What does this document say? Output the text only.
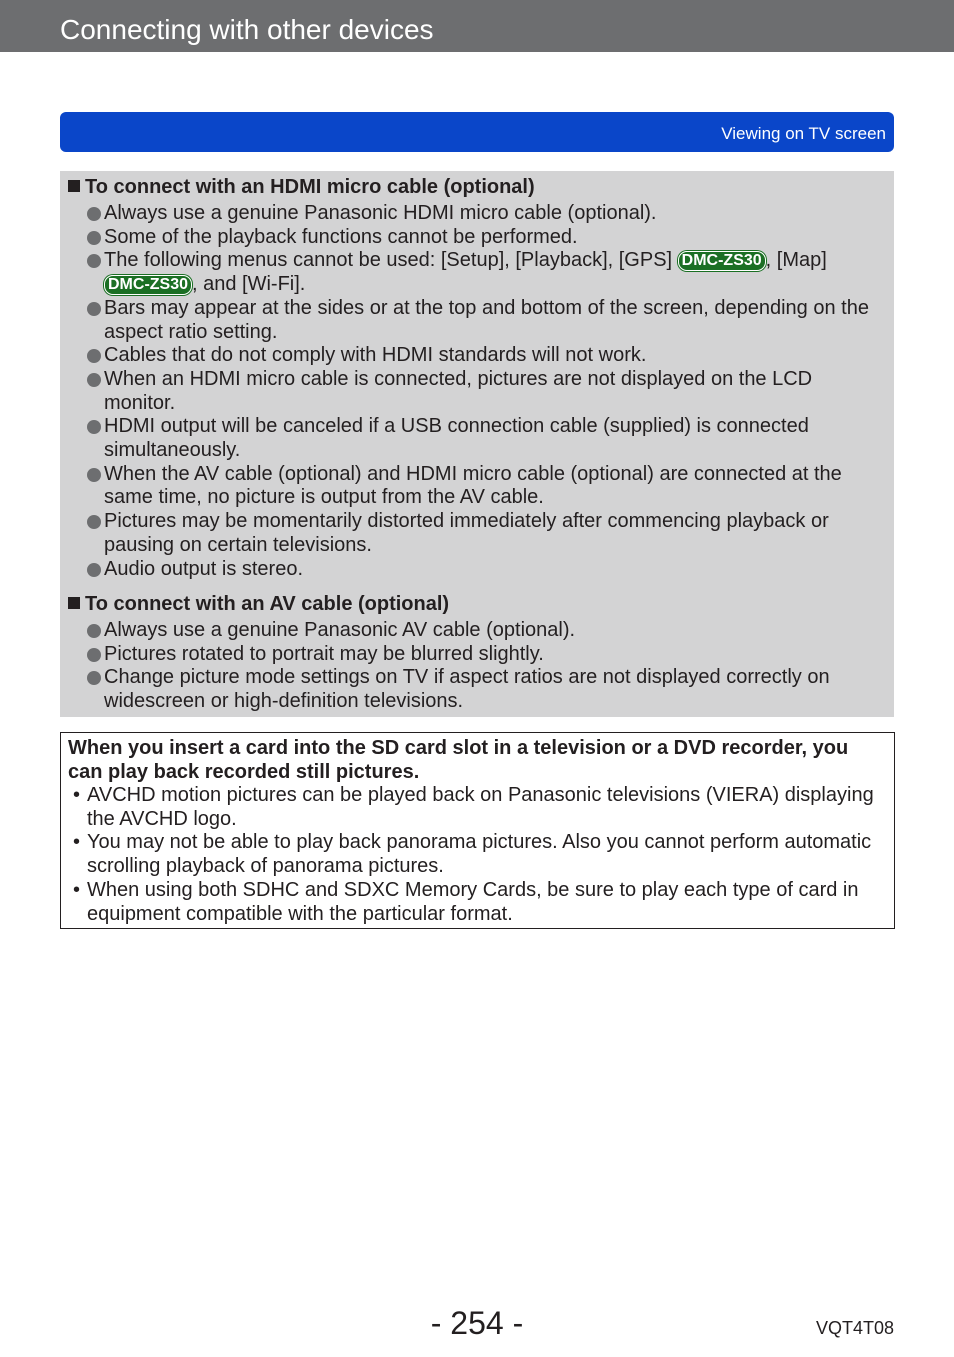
Connecting with other devices
Viewing on TV screen
To connect with an HDMI micro cable (optional)
Always use a genuine Panasonic HDMI micro cable (optional).
Some of the playback functions cannot be performed.
The following menus cannot be used: [Setup], [Playback], [GPS] DMC-ZS30 , [Map] DMC-ZS30 , and [Wi-Fi].
Bars may appear at the sides or at the top and bottom of the screen, depending on the aspect ratio setting.
Cables that do not comply with HDMI standards will not work.
When an HDMI micro cable is connected, pictures are not displayed on the LCD monitor.
HDMI output will be canceled if a USB connection cable (supplied) is connected simultaneously.
When the AV cable (optional) and HDMI micro cable (optional) are connected at the same time, no picture is output from the AV cable.
Pictures may be momentarily distorted immediately after commencing playback or pausing on certain televisions.
Audio output is stereo.
To connect with an AV cable (optional)
Always use a genuine Panasonic AV cable (optional).
Pictures rotated to portrait may be blurred slightly.
Change picture mode settings on TV if aspect ratios are not displayed correctly on widescreen or high-definition televisions.
When you insert a card into the SD card slot in a television or a DVD recorder, you can play back recorded still pictures.
• AVCHD motion pictures can be played back on Panasonic televisions (VIERA) displaying the AVCHD logo.
• You may not be able to play back panorama pictures. Also you cannot perform automatic scrolling playback of panorama pictures.
• When using both SDHC and SDXC Memory Cards, be sure to play each type of card in equipment compatible with the particular format.
- 254 -	VQT4T08
